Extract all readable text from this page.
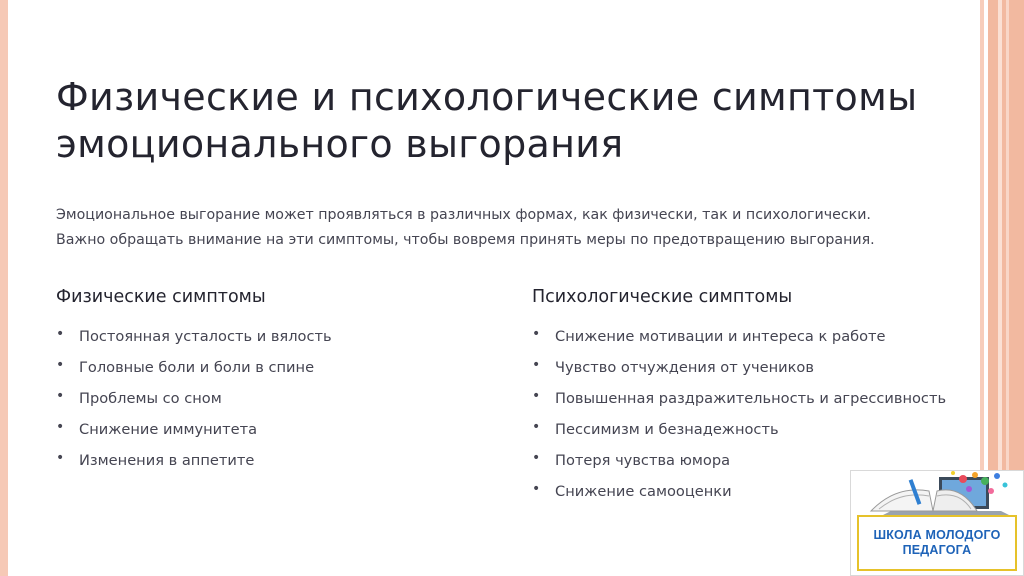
Физические и психологические симптомы
эмоционального выгорания
Эмоциональное выгорание может проявляться в различных формах, как физически, так и психологически.
Важно обращать внимание на эти симптомы, чтобы вовремя принять меры по предотвращению выгорания.
Физические симптомы
• Постоянная усталость и вялость
• Головные боли и боли в спине
• Проблемы со сном
• Снижение иммунитета
• Изменения в аппетите
Психологические симптомы
• Снижение мотивации и интереса к работе
• Чувство отчуждения от учеников
• Повышенная раздражительность и агрессивность
• Пессимизм и безнадежность
• Потеря чувства юмора
• Снижение самооценки
ШКОЛА МОЛОДОГО
ПЕДАГОГА
